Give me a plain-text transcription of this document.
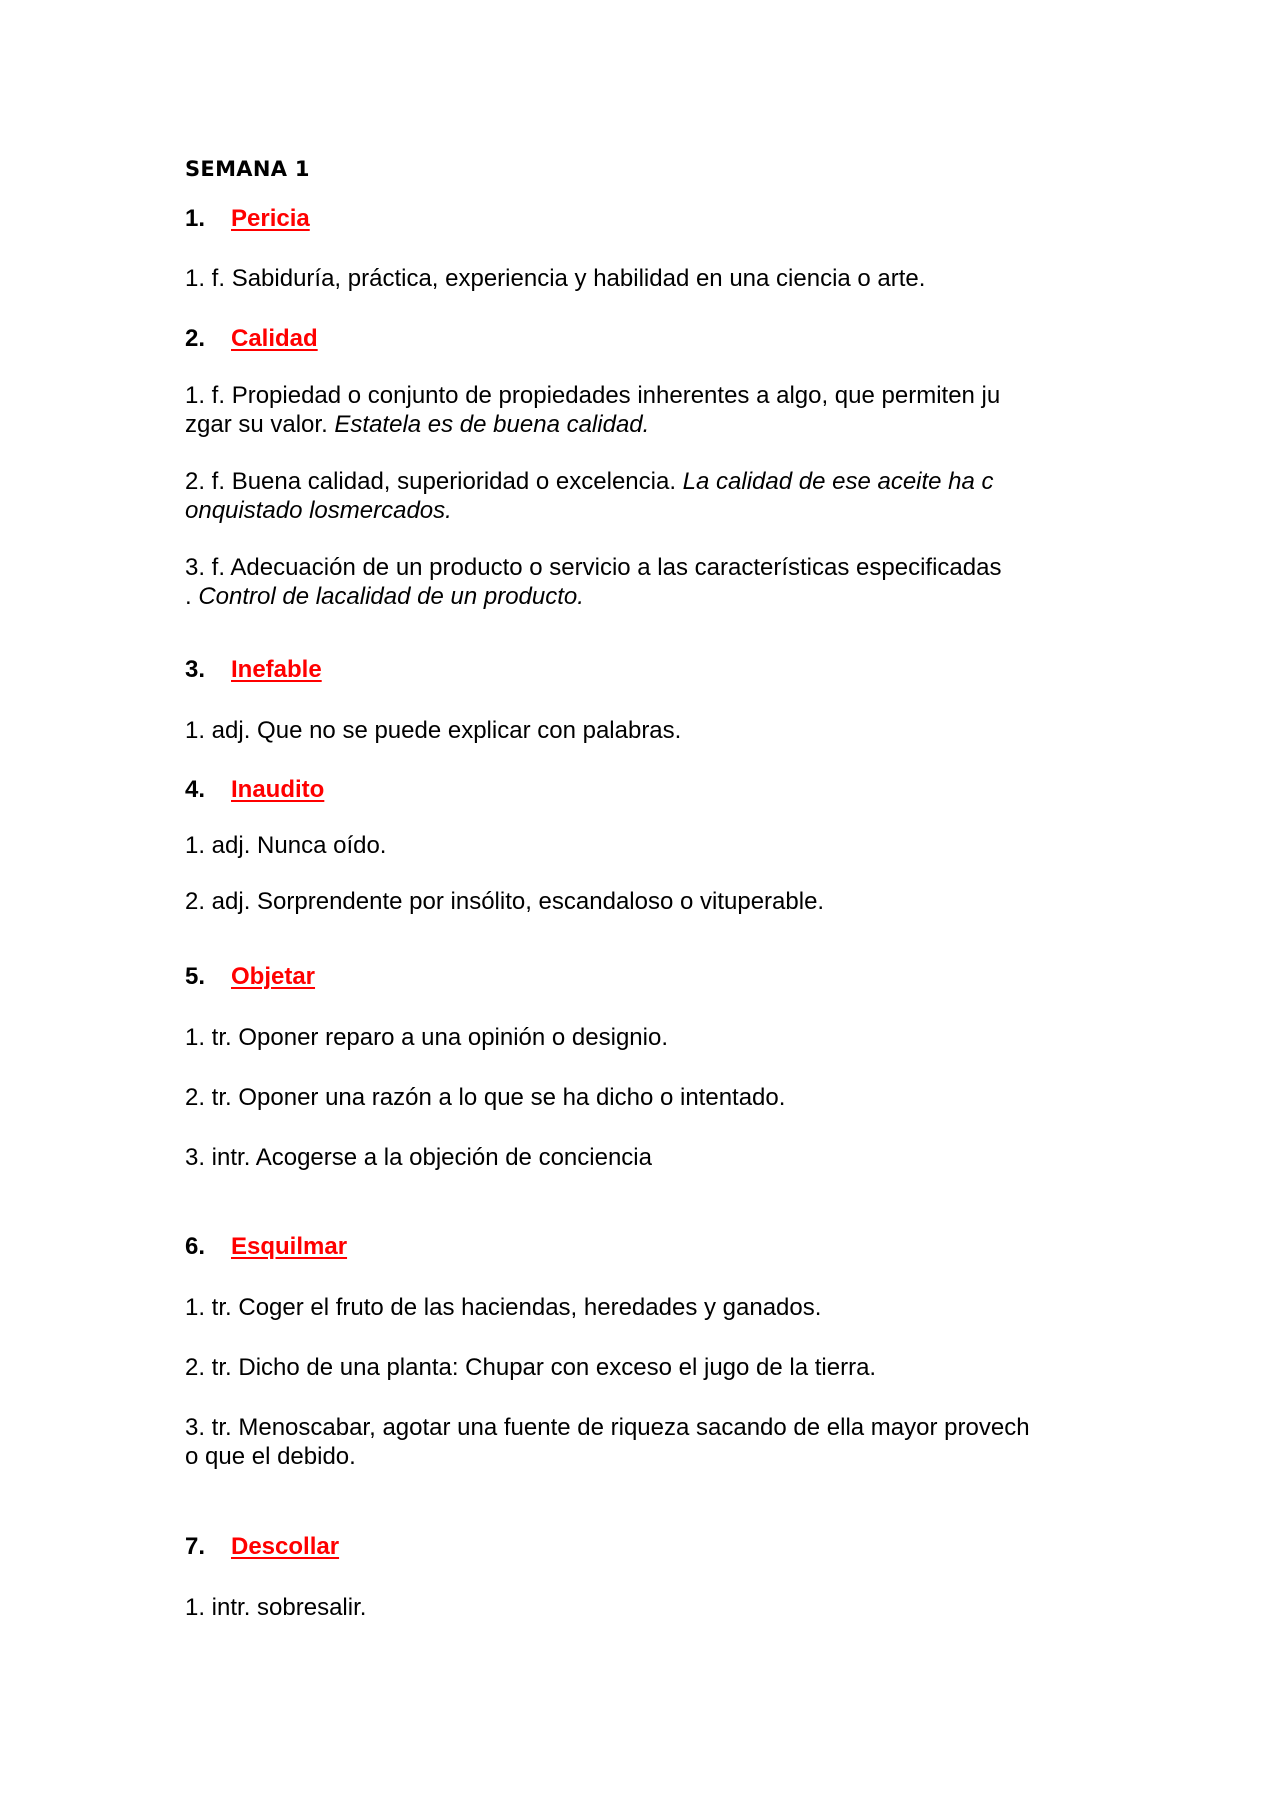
SEMANA 1
1. Pericia
1. f. Sabiduría, práctica, experiencia y habilidad en una ciencia o arte.
2. Calidad
1. f. Propiedad o conjunto de propiedades inherentes a algo, que permiten ju
zgar su valor. Estatela es de buena calidad.
2. f. Buena calidad, superioridad o excelencia. La calidad de ese aceite ha c
onquistado losmercados.
3. f. Adecuación de un producto o servicio a las características especificadas
. Control de lacalidad de un producto.
3. Inefable
1. adj. Que no se puede explicar con palabras.
4. Inaudito
1. adj. Nunca oído.
2. adj. Sorprendente por insólito, escandaloso o vituperable.
5. Objetar
1. tr. Oponer reparo a una opinión o designio.
2. tr. Oponer una razón a lo que se ha dicho o intentado.
3. intr. Acogerse a la objeción de conciencia
6. Esquilmar
1. tr. Coger el fruto de las haciendas, heredades y ganados.
2. tr. Dicho de una planta: Chupar con exceso el jugo de la tierra.
3. tr. Menoscabar, agotar una fuente de riqueza sacando de ella mayor provech
o que el debido.
7. Descollar
1. intr. sobresalir.
